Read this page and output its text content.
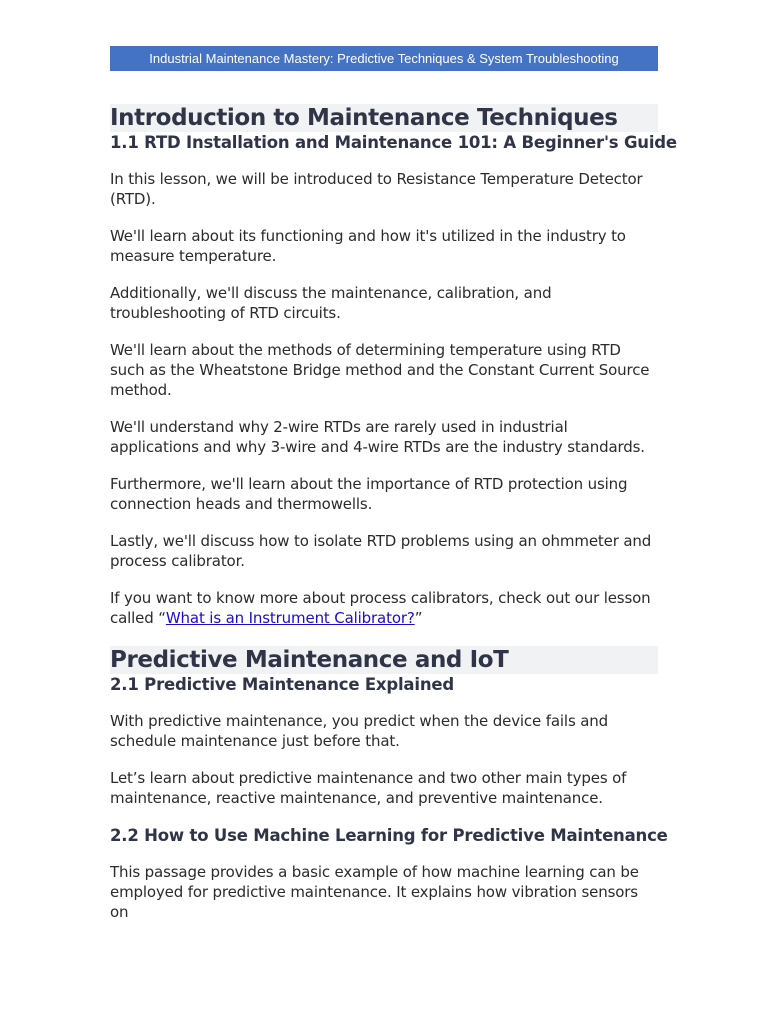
Industrial Maintenance Mastery: Predictive Techniques & System Troubleshooting
Introduction to Maintenance Techniques
1.1 RTD Installation and Maintenance 101: A Beginner's Guide

In this lesson, we will be introduced to Resistance Temperature Detector (RTD).

We'll learn about its functioning and how it's utilized in the industry to measure temperature.

Additionally, we'll discuss the maintenance, calibration, and troubleshooting of RTD circuits.

We'll learn about the methods of determining temperature using RTD such as the Wheatstone Bridge method and the Constant Current Source method.

We'll understand why 2-wire RTDs are rarely used in industrial applications and why 3-wire and 4-wire RTDs are the industry standards.

Furthermore, we'll learn about the importance of RTD protection using connection heads and thermowells.

Lastly, we'll discuss how to isolate RTD problems using an ohmmeter and process calibrator.

If you want to know more about process calibrators, check out our lesson called “What is an Instrument Calibrator?”

Predictive Maintenance and IoT
2.1 Predictive Maintenance Explained

With predictive maintenance, you predict when the device fails and schedule maintenance just before that.

Let’s learn about predictive maintenance and two other main types of maintenance, reactive maintenance, and preventive maintenance.

2.2 How to Use Machine Learning for Predictive Maintenance

This passage provides a basic example of how machine learning can be employed for predictive maintenance. It explains how vibration sensors on
